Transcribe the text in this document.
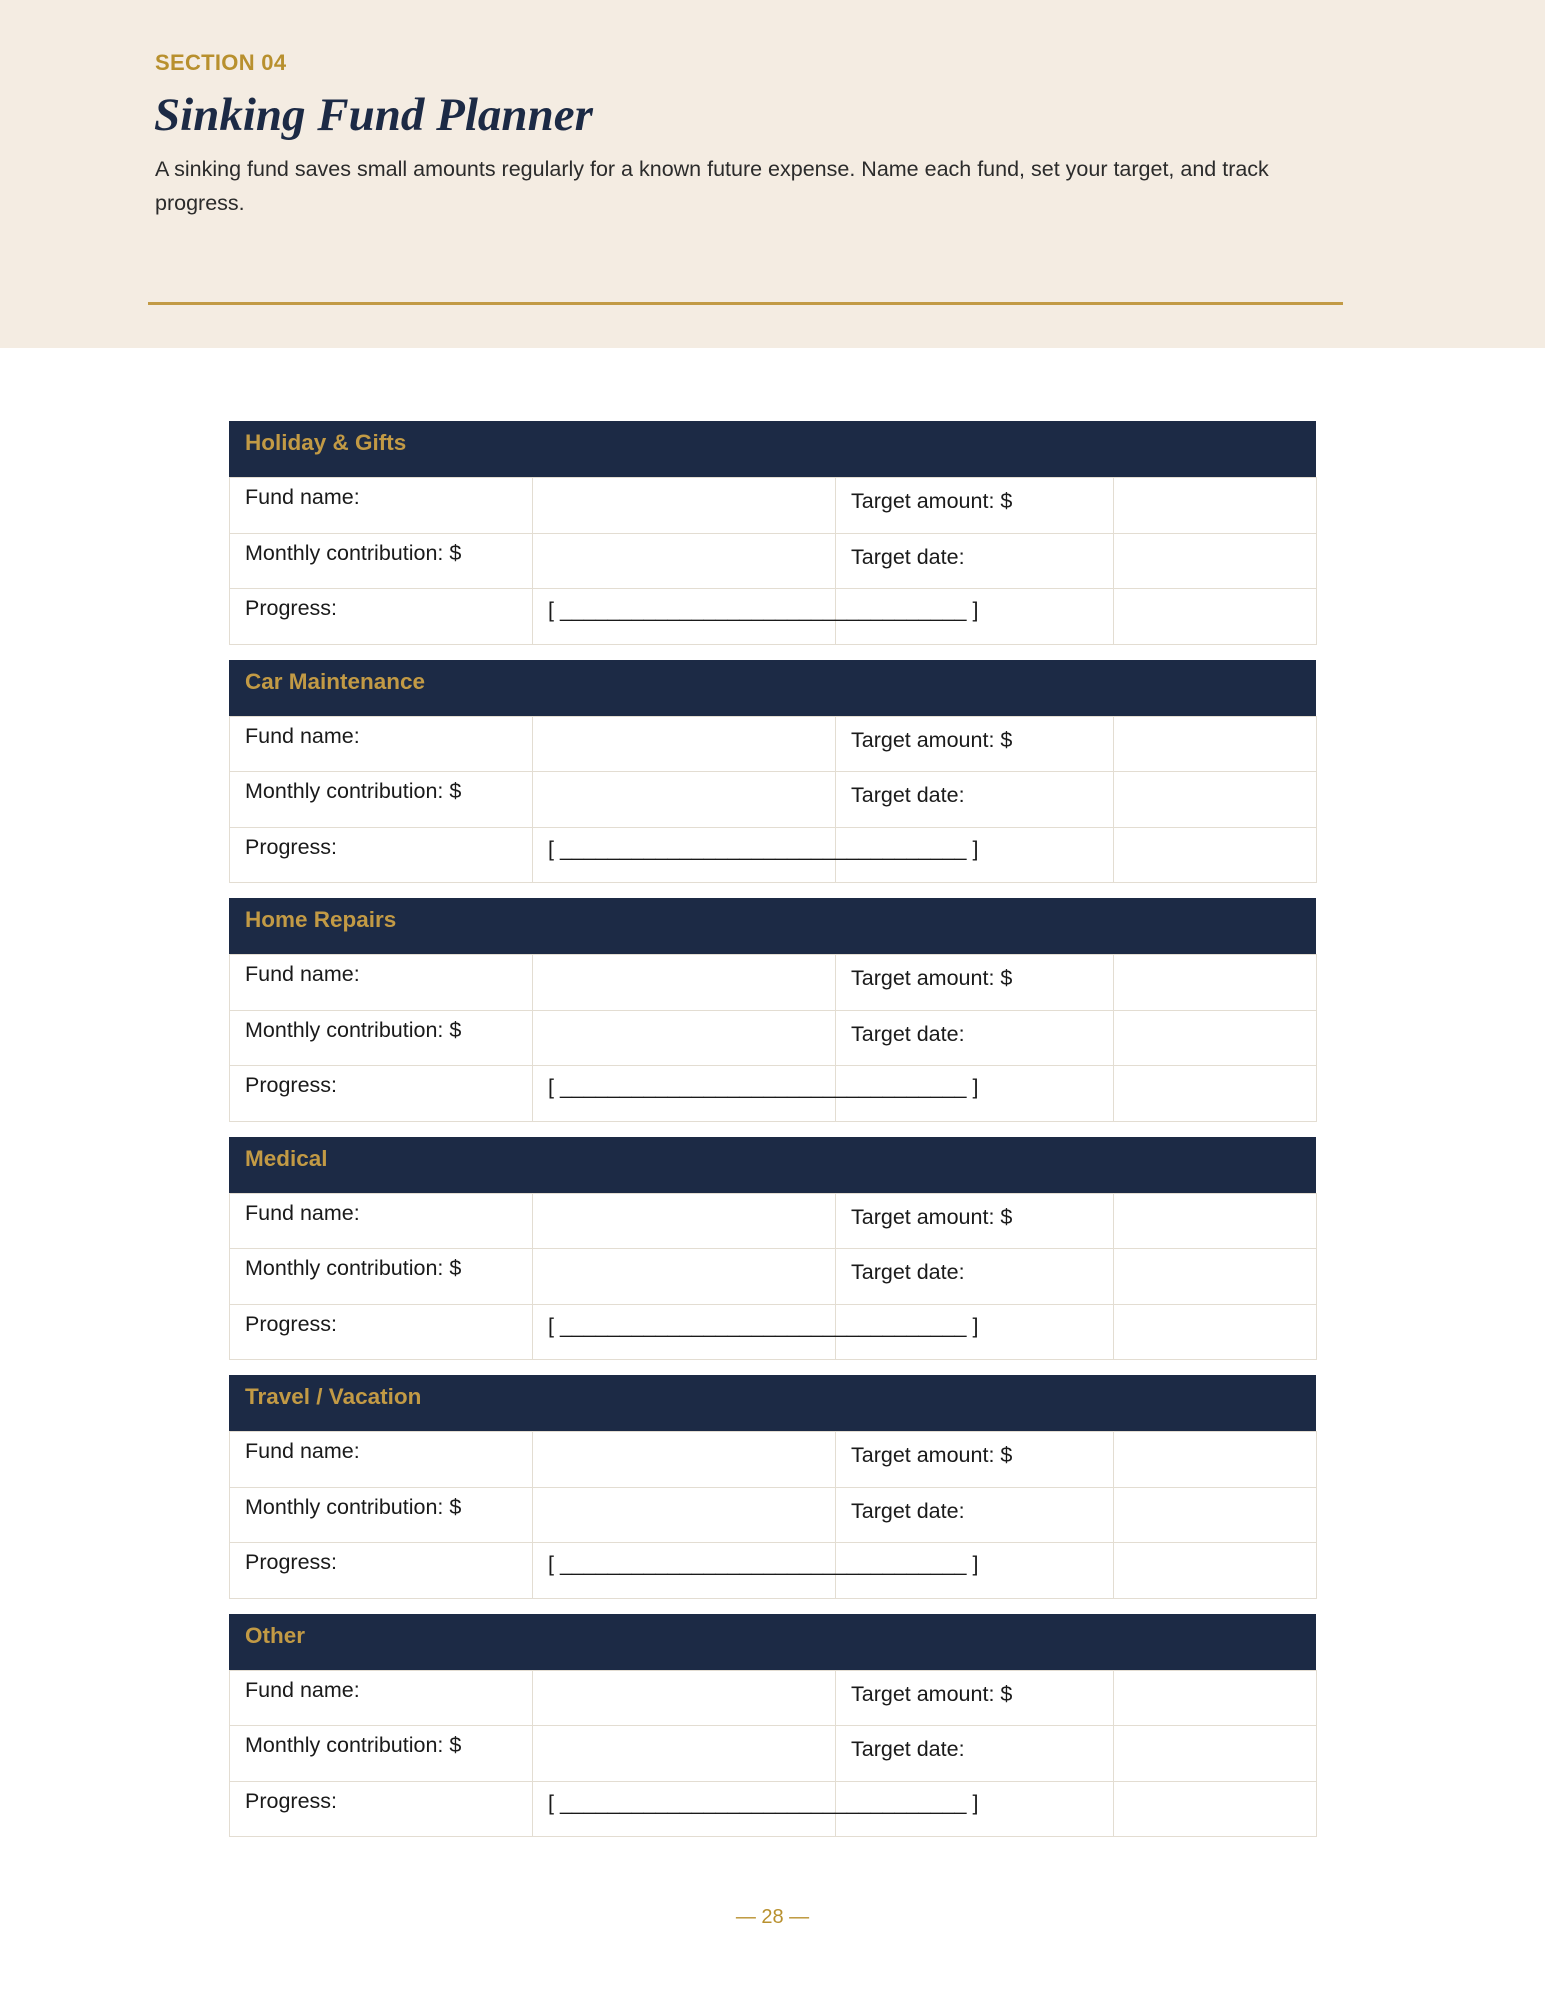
SECTION 04
Sinking Fund Planner

A sinking fund saves small amounts regularly for a known future expense. Name each fund, set your target, and track progress.

Holiday & Gifts
Fund name:		Target amount: $	
Monthly contribution: $		Target date:	
Progress:	[ __________________________________ ]		
Car Maintenance
Fund name:		Target amount: $	
Monthly contribution: $		Target date:	
Progress:	[ __________________________________ ]		
Home Repairs
Fund name:		Target amount: $	
Monthly contribution: $		Target date:	
Progress:	[ __________________________________ ]		
Medical
Fund name:		Target amount: $	
Monthly contribution: $		Target date:	
Progress:	[ __________________________________ ]		
Travel / Vacation
Fund name:		Target amount: $	
Monthly contribution: $		Target date:	
Progress:	[ __________________________________ ]		
Other
Fund name:		Target amount: $	
Monthly contribution: $		Target date:	
Progress:	[ __________________________________ ]		
— 28 —
